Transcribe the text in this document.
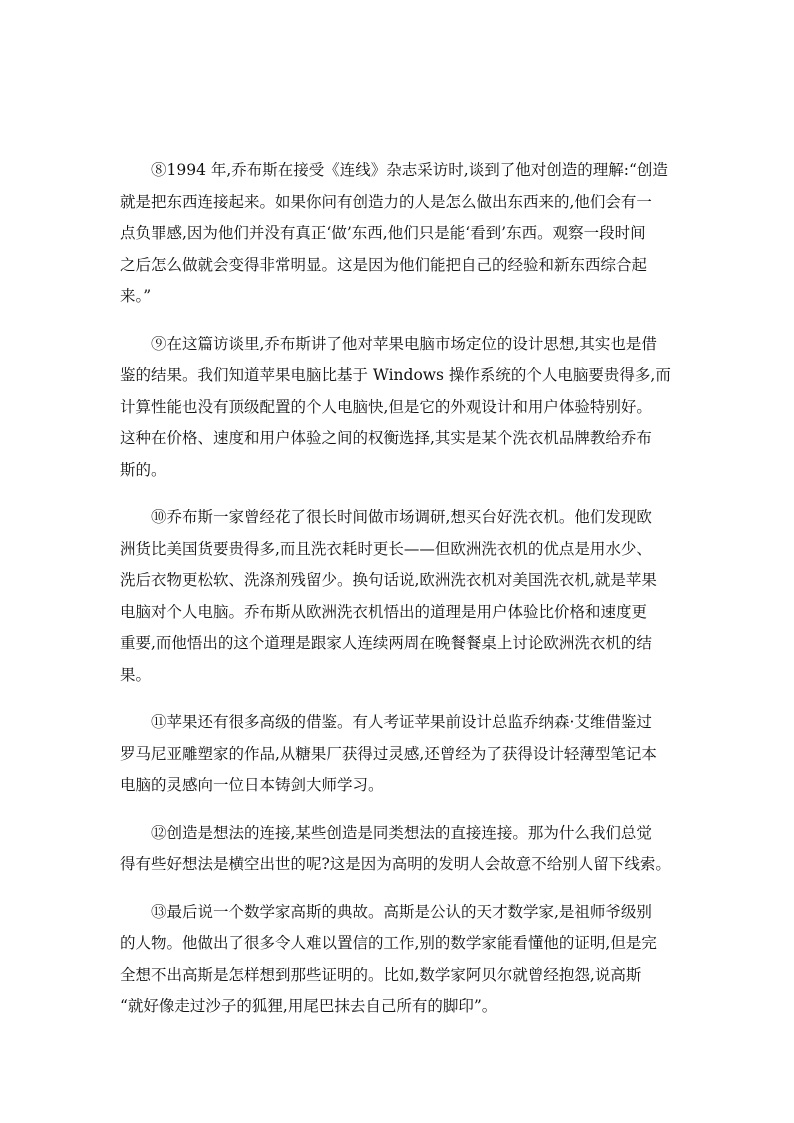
⑧1994 年,乔布斯在接受《连线》杂志采访时,谈到了他对创造的理解:“创造
就是把东西连接起来。如果你问有创造力的人是怎么做出东西来的,他们会有一
点负罪感,因为他们并没有真正‘做’东西,他们只是能‘看到’东西。观察一段时间
之后怎么做就会变得非常明显。这是因为他们能把自己的经验和新东西综合起
来。”
⑨在这篇访谈里,乔布斯讲了他对苹果电脑市场定位的设计思想,其实也是借
鉴的结果。我们知道苹果电脑比基于 Windows 操作系统的个人电脑要贵得多,而
计算性能也没有顶级配置的个人电脑快,但是它的外观设计和用户体验特别好。
这种在价格、速度和用户体验之间的权衡选择,其实是某个洗衣机品牌教给乔布
斯的。
⑩乔布斯一家曾经花了很长时间做市场调研,想买台好洗衣机。他们发现欧
洲货比美国货要贵得多,而且洗衣耗时更长——但欧洲洗衣机的优点是用水少、
洗后衣物更松软、洗涤剂残留少。换句话说,欧洲洗衣机对美国洗衣机,就是苹果
电脑对个人电脑。乔布斯从欧洲洗衣机悟出的道理是用户体验比价格和速度更
重要,而他悟出的这个道理是跟家人连续两周在晚餐餐桌上讨论欧洲洗衣机的结
果。
⑪苹果还有很多高级的借鉴。有人考证苹果前设计总监乔纳森·艾维借鉴过
罗马尼亚雕塑家的作品,从糖果厂获得过灵感,还曾经为了获得设计轻薄型笔记本
电脑的灵感向一位日本铸剑大师学习。
⑫创造是想法的连接,某些创造是同类想法的直接连接。那为什么我们总觉
得有些好想法是横空出世的呢?这是因为高明的发明人会故意不给别人留下线索。
⑬最后说一个数学家高斯的典故。高斯是公认的天才数学家,是祖师爷级别
的人物。他做出了很多令人难以置信的工作,别的数学家能看懂他的证明,但是完
全想不出高斯是怎样想到那些证明的。比如,数学家阿贝尔就曾经抱怨,说高斯
“就好像走过沙子的狐狸,用尾巴抹去自己所有的脚印”。
